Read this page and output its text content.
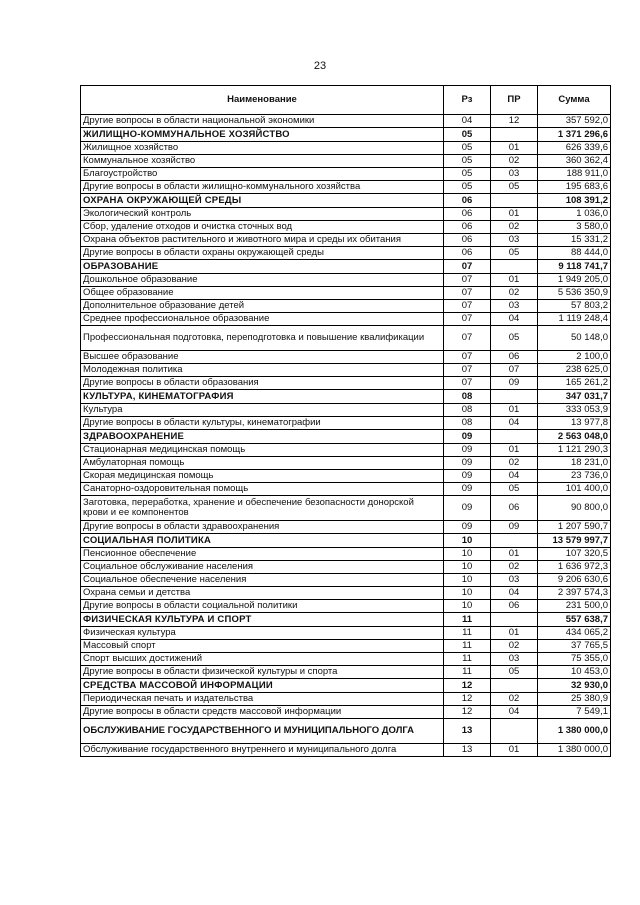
23
Наименование	Рз	ПР	Сумма
Другие вопросы в области национальной экономики	04	12	357 592,0
ЖИЛИЩНО-КОММУНАЛЬНОЕ ХОЗЯЙСТВО	05		1 371 296,6
Жилищное хозяйство	05	01	626 339,6
Коммунальное хозяйство	05	02	360 362,4
Благоустройство	05	03	188 911,0
Другие вопросы в области жилищно-коммунального хозяйства	05	05	195 683,6
ОХРАНА ОКРУЖАЮЩЕЙ СРЕДЫ	06		108 391,2
Экологический контроль	06	01	1 036,0
Сбор, удаление отходов и очистка сточных вод	06	02	3 580,0
Охрана объектов растительного и животного мира и среды их обитания	06	03	15 331,2
Другие вопросы в области охраны окружающей среды	06	05	88 444,0
ОБРАЗОВАНИЕ	07		9 118 741,7
Дошкольное образование	07	01	1 949 205,0
Общее образование	07	02	5 536 350,9
Дополнительное образование детей	07	03	57 803,2
Среднее профессиональное образование	07	04	1 119 248,4
Профессиональная подготовка, переподготовка и повышение квалификации	07	05	50 148,0
Высшее образование	07	06	2 100,0
Молодежная политика	07	07	238 625,0
Другие вопросы в области образования	07	09	165 261,2
КУЛЬТУРА, КИНЕМАТОГРАФИЯ	08		347 031,7
Культура	08	01	333 053,9
Другие вопросы в области культуры, кинематографии	08	04	13 977,8
ЗДРАВООХРАНЕНИЕ	09		2 563 048,0
Стационарная медицинская помощь	09	01	1 121 290,3
Амбулаторная помощь	09	02	18 231,0
Скорая медицинская помощь	09	04	23 736,0
Санаторно-оздоровительная помощь	09	05	101 400,0
Заготовка, переработка, хранение и обеспечение безопасности донорской крови и ее компонентов	09	06	90 800,0
Другие вопросы в области здравоохранения	09	09	1 207 590,7
СОЦИАЛЬНАЯ ПОЛИТИКА	10		13 579 997,7
Пенсионное обеспечение	10	01	107 320,5
Социальное обслуживание населения	10	02	1 636 972,3
Социальное обеспечение населения	10	03	9 206 630,6
Охрана семьи и детства	10	04	2 397 574,3
Другие вопросы в области социальной политики	10	06	231 500,0
ФИЗИЧЕСКАЯ КУЛЬТУРА И СПОРТ	11		557 638,7
Физическая культура	11	01	434 065,2
Массовый спорт	11	02	37 765,5
Спорт высших достижений	11	03	75 355,0
Другие вопросы в области физической культуры и спорта	11	05	10 453,0
СРЕДСТВА МАССОВОЙ ИНФОРМАЦИИ	12		32 930,0
Периодическая печать и издательства	12	02	25 380,9
Другие вопросы в области средств массовой информации	12	04	7 549,1
ОБСЛУЖИВАНИЕ ГОСУДАРСТВЕННОГО И МУНИЦИПАЛЬНОГО ДОЛГА	13		1 380 000,0
Обслуживание государственного внутреннего и муниципального долга	13	01	1 380 000,0
